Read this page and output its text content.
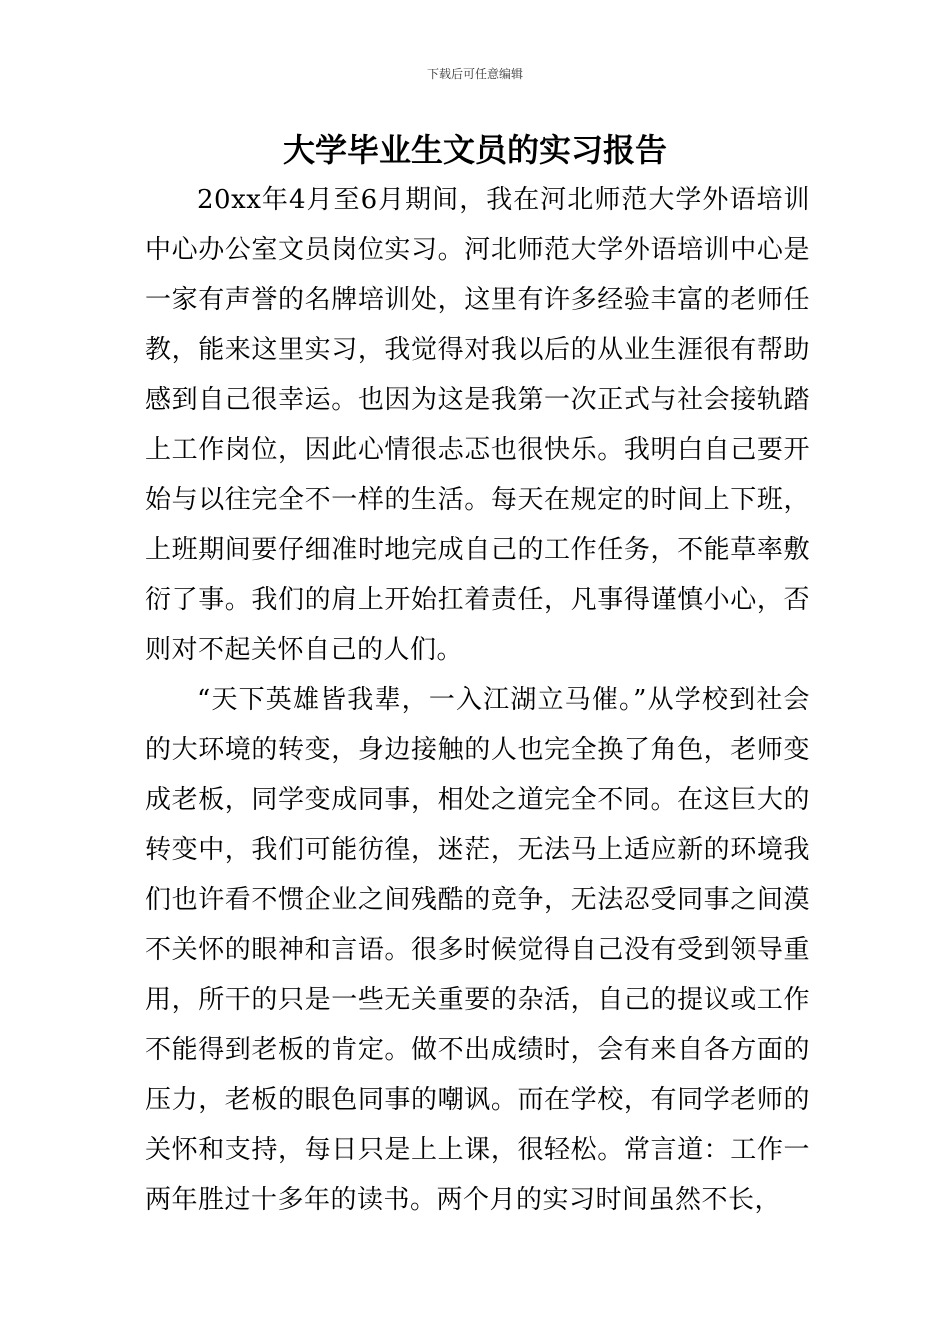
下载后可任意编辑
大学毕业生文员的实习报告

20xx年4月至6月期间，我在河北师范大学外语培训中心办公室文员岗位实习。河北师范大学外语培训中心是一家有声誉的名牌培训处，这里有许多经验丰富的老师任教，能来这里实习，我觉得对我以后的从业生涯很有帮助感到自己很幸运。也因为这是我第一次正式与社会接轨踏上工作岗位，因此心情很忐忑也很快乐。我明白自己要开始与以往完全不一样的生活。每天在规定的时间上下班，上班期间要仔细准时地完成自己的工作任务，不能草率敷衍了事。我们的肩上开始扛着责任，凡事得谨慎小心，否则对不起关怀自己的人们。

“天下英雄皆我辈，一入江湖立马催。”从学校到社会的大环境的转变，身边接触的人也完全换了角色，老师变成老板，同学变成同事，相处之道完全不同。在这巨大的转变中，我们可能彷徨，迷茫，无法马上适应新的环境我们也许看不惯企业之间残酷的竞争，无法忍受同事之间漠不关怀的眼神和言语。很多时候觉得自己没有受到领导重用，所干的只是一些无关重要的杂活，自己的提议或工作不能得到老板的肯定。做不出成绩时，会有来自各方面的压力，老板的眼色同事的嘲讽。而在学校，有同学老师的关怀和支持，每日只是上上课，很轻松。常言道：工作一两年胜过十多年的读书。两个月的实习时间虽然不长，
